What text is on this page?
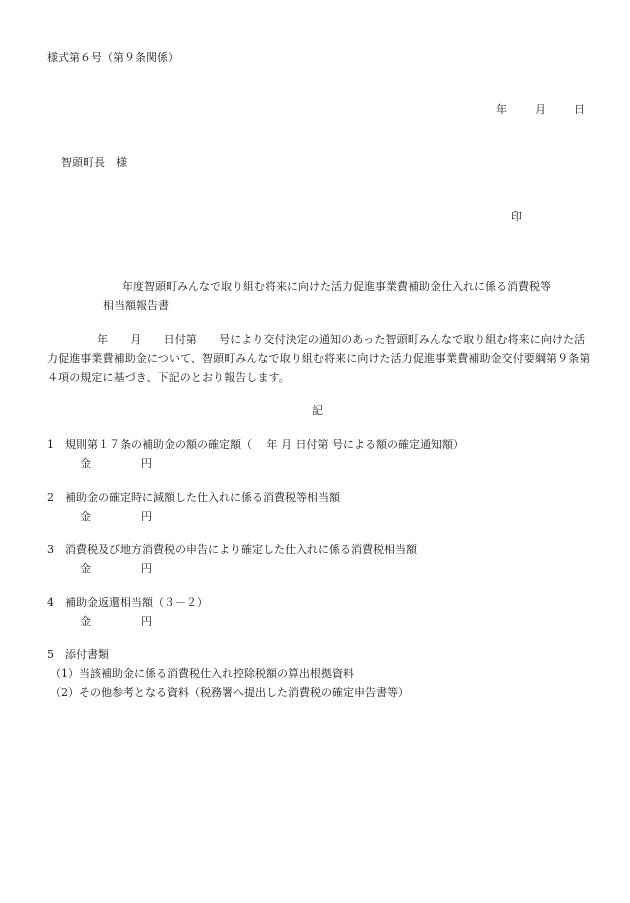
様式第６号（第９条関係）
年	月	日
智頭町長　様
印
年度智頭町みんなで取り組む将来に向けた活力促進事業費補助金仕入れに係る消費税等
相当額報告書
年　　月　　日付第　　号により交付決定の通知のあった智頭町みんなで取り組む将来に向けた活力促進事業費補助金について、智頭町みんなで取り組む将来に向けた活力促進事業費補助金交付要綱第９条第４項の規定に基づき、下記のとおり報告します。
記
1　規則第１７条の補助金の額の確定額（　 年 月 日付第 号による額の確定通知額）
金	円
2　補助金の確定時に減額した仕入れに係る消費税等相当額
金	円
3　消費税及び地方消費税の申告により確定した仕入れに係る消費税相当額
金	円
4　補助金返還相当額（３－２）
金	円
5　添付書類
（1）当該補助金に係る消費税仕入れ控除税額の算出根拠資料
（2）その他参考となる資料（税務署へ提出した消費税の確定申告書等）
